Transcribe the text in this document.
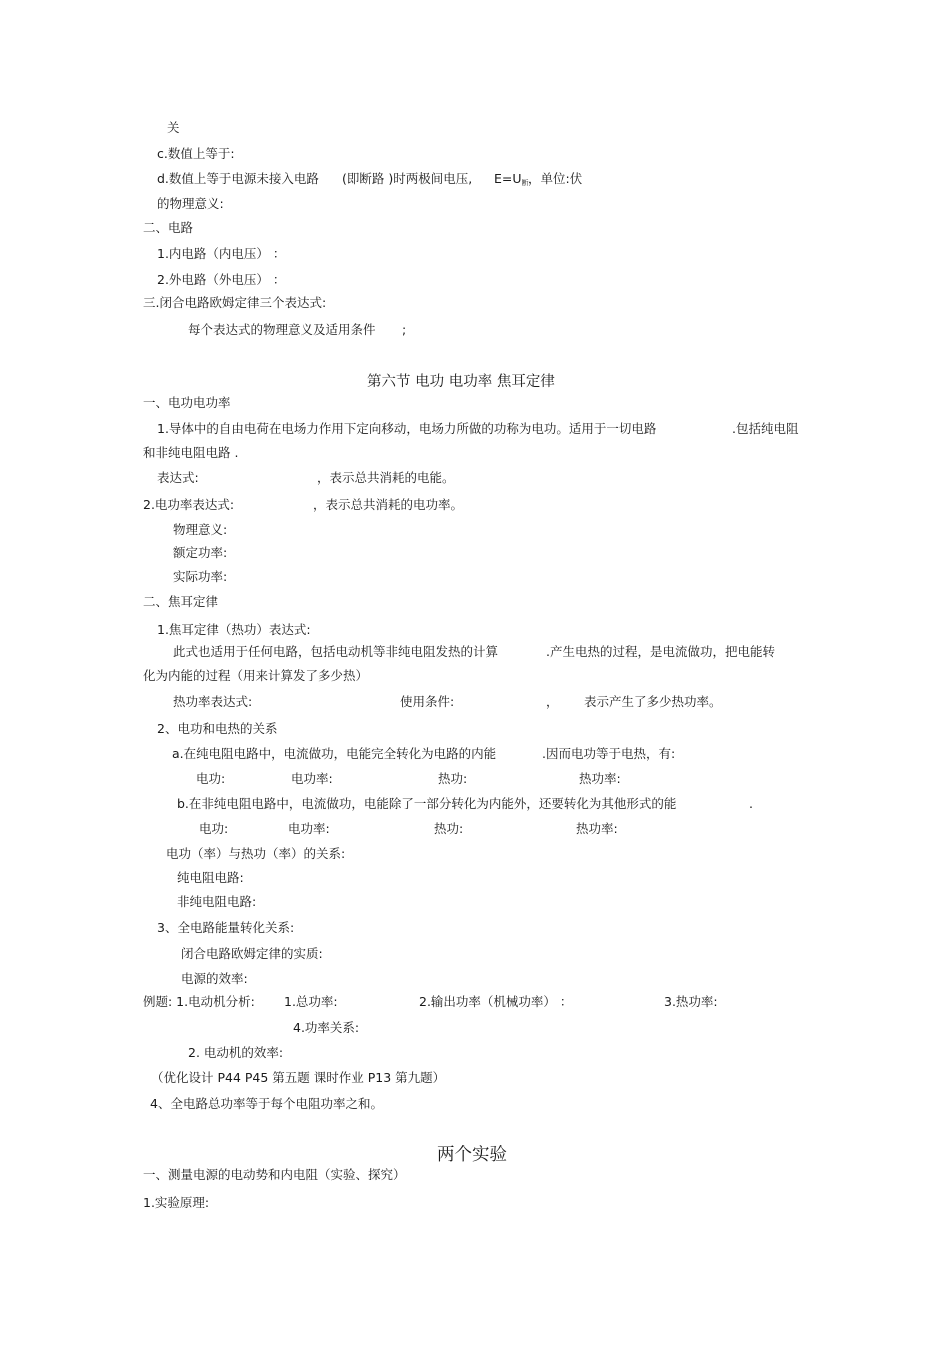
关
c.数值上等于:
d.数值上等于电源未接入电路 (即断路 )时两极间电压, $E=U_断$ ，单位:伏
的物理意义:
二、电路
1.内电路（内电压） ：
2.外电路（外电压） ：
三.闭合电路欧姆定律三个表达式:
每个表达式的物理意义及适用条件 ;
第六节 电功 电功率 焦耳定律
一、电功电功率
1.导体中的自由电荷在电场力作用下定向移动，电场力所做的功称为电功。适用于一切电路	.包括纯电阻
和非纯电阻电路 .
表达式:	，表示总共消耗的电能。
2.电功率表达式:	，表示总共消耗的电功率。
物理意义:
额定功率:
实际功率:
二、焦耳定律
1.焦耳定律（热功）表达式:
此式也适用于任何电路，包括电动机等非纯电阻发热的计算	.产生电热的过程，是电流做功，把电能转
化为内能的过程（用来计算发了多少热）
热功率表达式:	使用条件:	， 表示产生了多少热功率。
2、电功和电热的关系
a.在纯电阻电路中，电流做功，电能完全转化为电路的内能	.因而电功等于电热，有:
电功:	电功率:	热功:	热功率:
b.在非纯电阻电路中，电流做功，电能除了一部分转化为内能外，还要转化为其他形式的能	.
电功:	电功率:	热功:	热功率:
电功（率）与热功（率）的关系:
纯电阻电路:
非纯电阻电路:
3、全电路能量转化关系:
闭合电路欧姆定律的实质:
电源的效率:
例题: 1.电动机分析: 1.总功率:	2.输出功率（机械功率） ：	3.热功率:
4.功率关系:
2. 电动机的效率:
（优化设计 P44 P45 第五题 课时作业 P13 第九题）
4、全电路总功率等于每个电阻功率之和。
两个实验
一、测量电源的电动势和内电阻（实验、探究）
1.实验原理:
